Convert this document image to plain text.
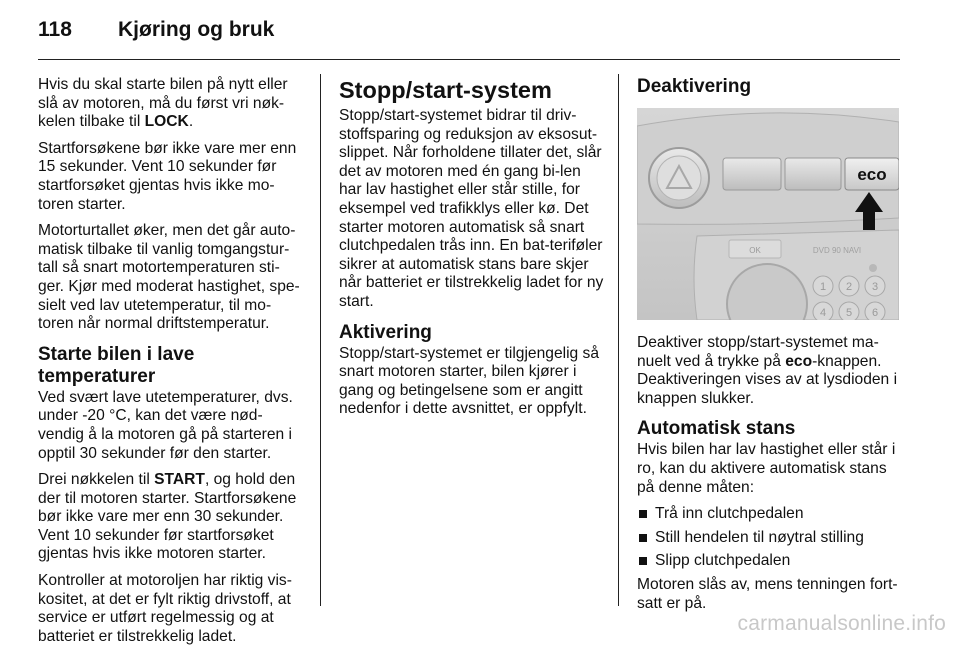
118 Kjøring og bruk

Hvis du skal starte bilen på nytt eller slå av motoren, må du først vri nøk-kelen tilbake til LOCK.

Startforsøkene bør ikke vare mer enn 15 sekunder. Vent 10 sekunder før startforsøket gjentas hvis ikke mo-toren starter.

Motorturtallet øker, men det går auto-matisk tilbake til vanlig tomgangstur-tall så snart motortemperaturen sti-ger. Kjør med moderat hastighet, spe-sielt ved lav utetemperatur, til mo-toren når normal driftstemperatur.

Starte bilen i lave temperaturer

Ved svært lave utetemperaturer, dvs. under -20 °C, kan det være nød-vendig å la motoren gå på starteren i opptil 30 sekunder før den starter.

Drei nøkkelen til START, og hold den der til motoren starter. Startforsøkene bør ikke vare mer enn 30 sekunder. Vent 10 sekunder før startforsøket gjentas hvis ikke motoren starter.

Kontroller at motoroljen har riktig vis-kositet, at det er fylt riktig drivstoff, at service er utført regelmessig og at batteriet er tilstrekkelig ladet.

Stopp/start-system

Stopp/start-systemet bidrar til driv-stoffsparing og reduksjon av eksosut-slippet. Når forholdene tillater det, slår det av motoren med én gang bi-len har lav hastighet eller står stille, for eksempel ved trafikklys eller kø. Det starter motoren automatisk så snart clutchpedalen trås inn. En bat-teriføler sikrer at automatisk stans bare skjer når batteriet er tilstrekkelig ladet for ny start.

Aktivering

Stopp/start-systemet er tilgjengelig så snart motoren starter, bilen kjører i gang og betingelsene som er angitt nedenfor i dette avsnittet, er oppfylt.

Deaktivering
eco
OK	DVD 90 NAVI
1 2 3
4 5 6

Deaktiver stopp/start-systemet ma-nuelt ved å trykke på eco-knappen. Deaktiveringen vises av at lysdioden i knappen slukker.

Automatisk stans

Hvis bilen har lav hastighet eller står i ro, kan du aktivere automatisk stans på denne måten:

Trå inn clutchpedalen
Still hendelen til nøytral stilling
Slipp clutchpedalen

Motoren slås av, mens tenningen fort-satt er på.

carmanualsonline.info
